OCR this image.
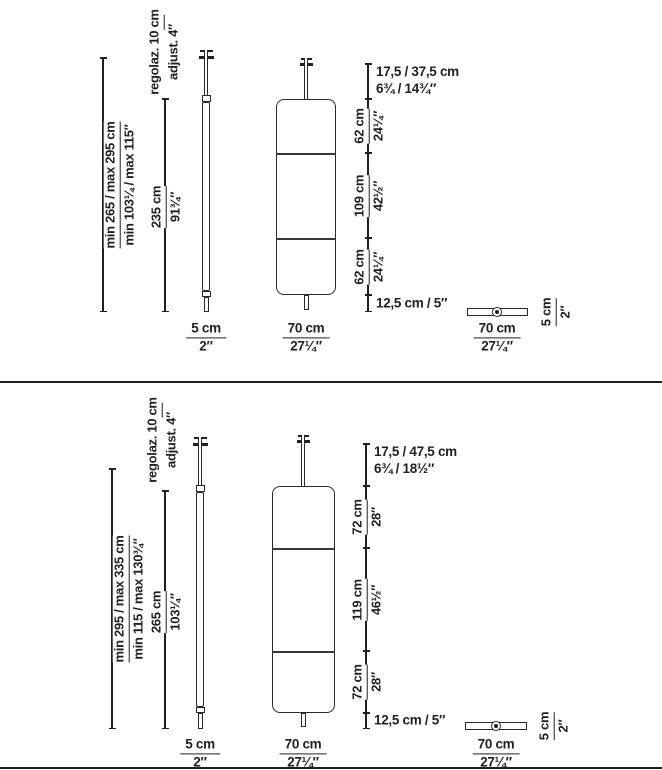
min 265 / max 295 cm min 103¼ / max 115″
regolaz. 10 cm adjust. 4″
235 cm 91¾″
5 cm
2″
70 cm
27¼″
17,5 / 37,5 cm
6¾ / 14¾″
62 cm 24¼″
109 cm 42½″
62 cm 24¼″
12,5 cm / 5″
70 cm
27¼″
5 cm 2″
min 295 / max 335 cm min 115 / max 130¾″
regolaz. 10 cm adjust. 4″
265 cm 103¼″
5 cm
2″
70 cm
27¼″
17,5 / 47,5 cm
6¾ / 18½″
72 cm 28″
119 cm 46½″
72 cm 28″
12,5 cm / 5″
70 cm
27¼″
5 cm 2″
